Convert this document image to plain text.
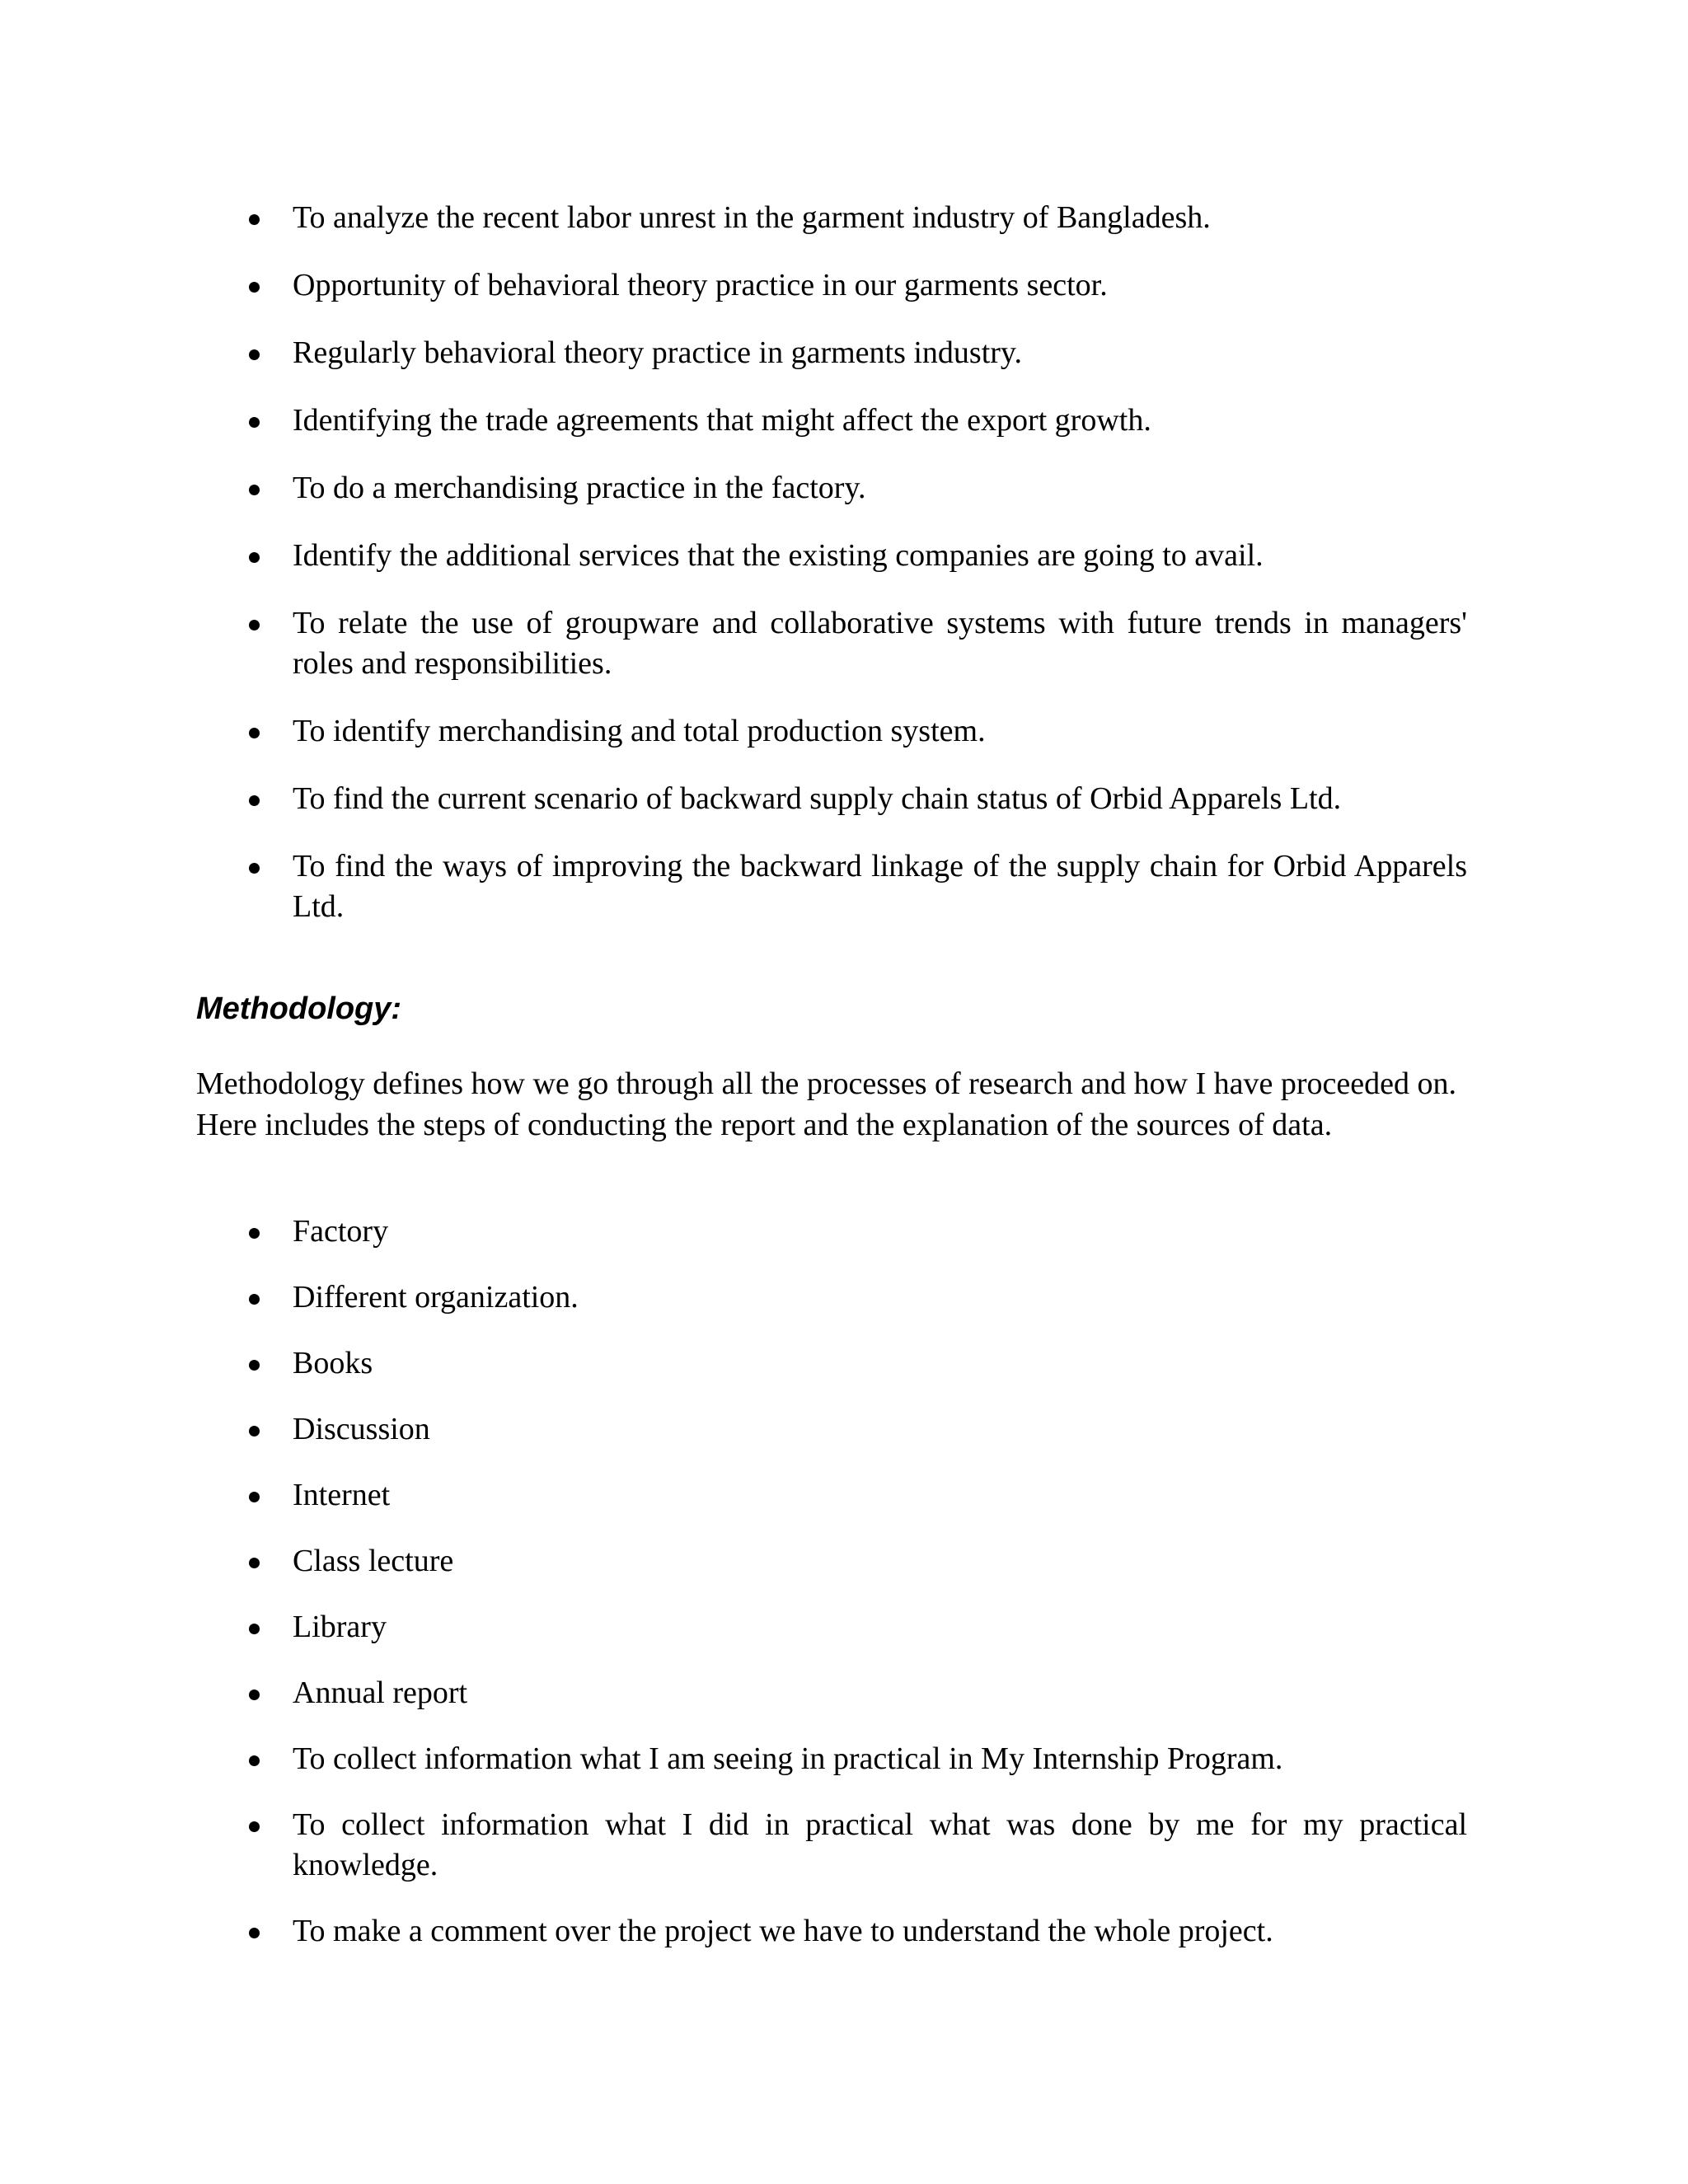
To analyze the recent labor unrest in the garment industry of Bangladesh.
Opportunity of behavioral theory practice in our garments sector.
Regularly behavioral theory practice in garments industry.
Identifying the trade agreements that might affect the export growth.
To do a merchandising practice in the factory.
Identify the additional services that the existing companies are going to avail.
To relate the use of groupware and collaborative systems with future trends in managers' roles and responsibilities.
To identify merchandising and total production system.
To find the current scenario of backward supply chain status of Orbid Apparels Ltd.
To find the ways of improving the backward linkage of the supply chain for Orbid Apparels Ltd.
Methodology:

Methodology defines how we go through all the processes of research and how I have proceeded on.
Here includes the steps of conducting the report and the explanation of the sources of data.

Factory
Different organization.
Books
Discussion
Internet
Class lecture
Library
Annual report
To collect information what I am seeing in practical in My Internship Program.
To collect information what I did in practical what was done by me for my practical knowledge.
To make a comment over the project we have to understand the whole project.
